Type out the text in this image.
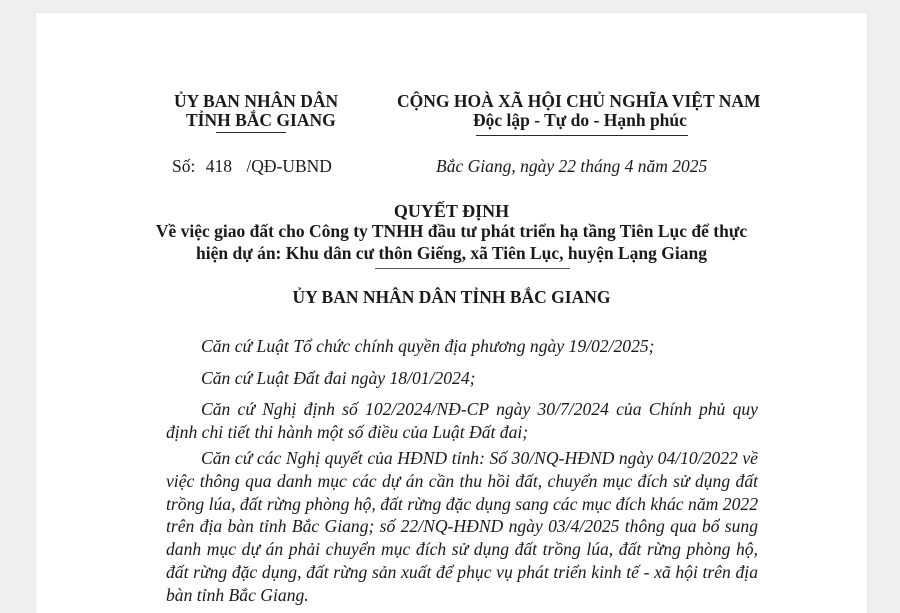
ỦY BAN NHÂN DÂN
TỈNH BẮC GIANG
Số: 418 /QĐ-UBND
CỘNG HOÀ XÃ HỘI CHỦ NGHĨA VIỆT NAM
Độc lập - Tự do - Hạnh phúc
Bắc Giang, ngày 22 tháng 4 năm 2025
QUYẾT ĐỊNH
Về việc giao đất cho Công ty TNHH đầu tư phát triển hạ tầng Tiên Lục để thực
hiện dự án: Khu dân cư thôn Giếng, xã Tiên Lục, huyện Lạng Giang
ỦY BAN NHÂN DÂN TỈNH BẮC GIANG
Căn cứ Luật Tổ chức chính quyền địa phương ngày 19/02/2025;
Căn cứ Luật Đất đai ngày 18/01/2024;
Căn cứ Nghị định số 102/2024/NĐ-CP ngày 30/7/2024 của Chính phủ quy định chi tiết thi hành một số điều của Luật Đất đai;
Căn cứ các Nghị quyết của HĐND tỉnh: Số 30/NQ-HĐND ngày 04/10/2022 về việc thông qua danh mục các dự án cần thu hồi đất, chuyển mục đích sử dụng đất trồng lúa, đất rừng phòng hộ, đất rừng đặc dụng sang các mục đích khác năm 2022 trên địa bàn tỉnh Bắc Giang; số 22/NQ-HĐND ngày 03/4/2025 thông qua bổ sung danh mục dự án phải chuyển mục đích sử dụng đất trồng lúa, đất rừng phòng hộ, đất rừng đặc dụng, đất rừng sản xuất để phục vụ phát triển kinh tế - xã hội trên địa bàn tỉnh Bắc Giang.
